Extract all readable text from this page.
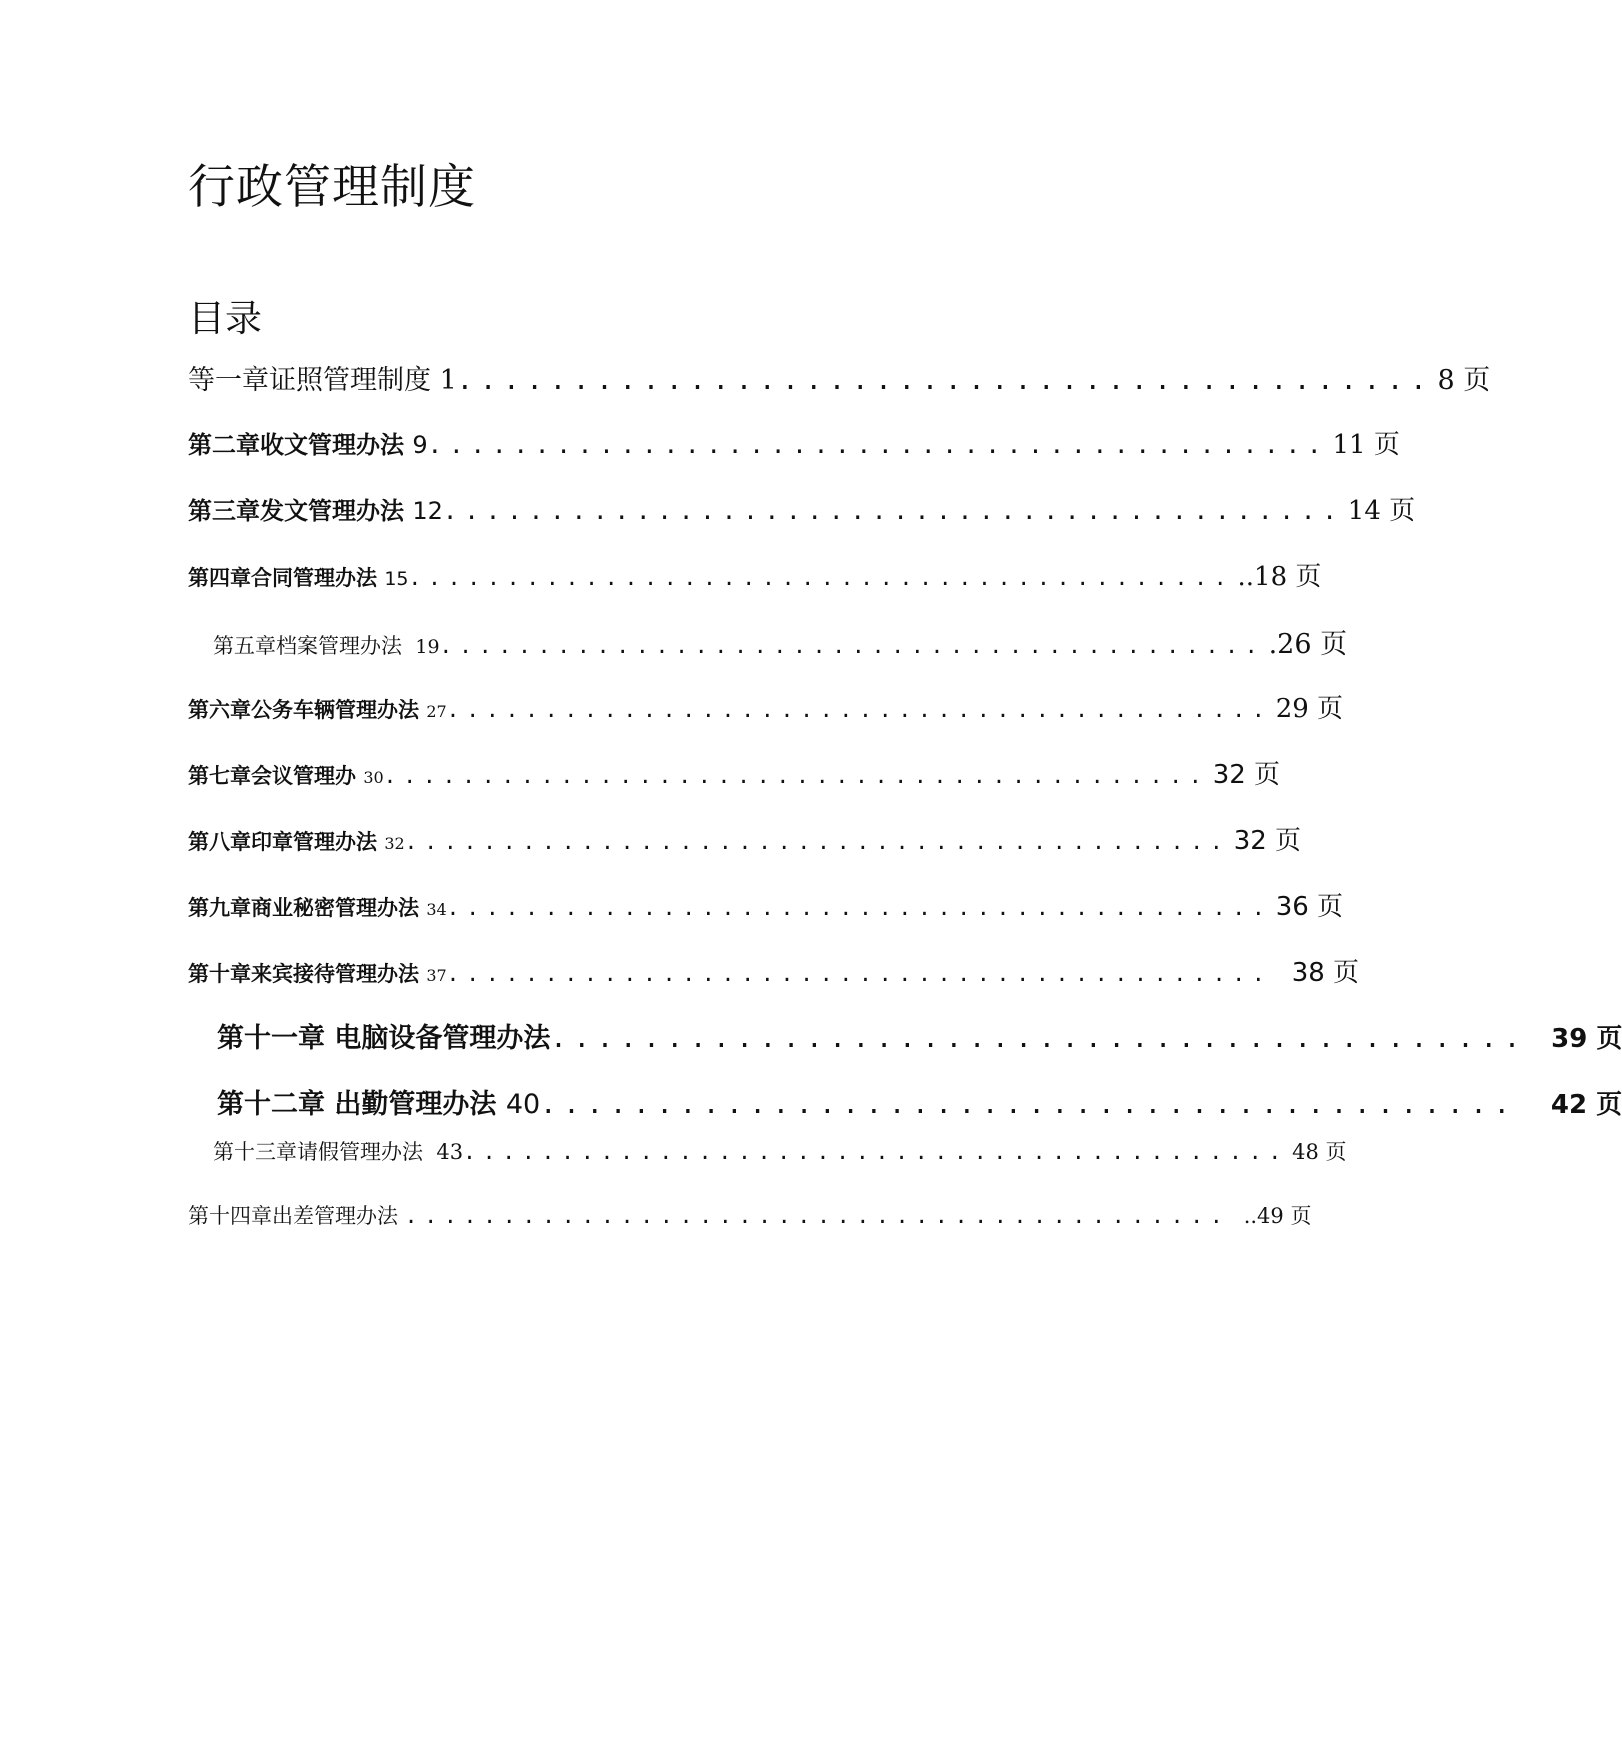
行政管理制度
目录
等一章证照管理制度 1 .......................................... 8 页
第二章收文管理办法 9 .......................................... 11 页
第三章发文管理办法 12 .......................................... 14 页
第四章合同管理办法 15 .......................................... ..18 页
第五章档案管理办法 19 .......................................... .26 页
第六章公务车辆管理办法 27 .......................................... 29 页
第七章 会议管理办 30 .......................................... 32 页
第八章 印章管理办法 32 .......................................... 32 页
第九章 商业秘密管理办法 34 .......................................... 36 页
第十章 来宾接待管理办法 37 .......................................... 38 页
第十一章 电脑设备管理办法 .......................................... 39 页
第十二章 出勤管理办法 40 .......................................... 42 页
第十三章 请假管理办法 43 .......................................... 48 页
第十四章出差管理办法 .......................................... ..49 页
